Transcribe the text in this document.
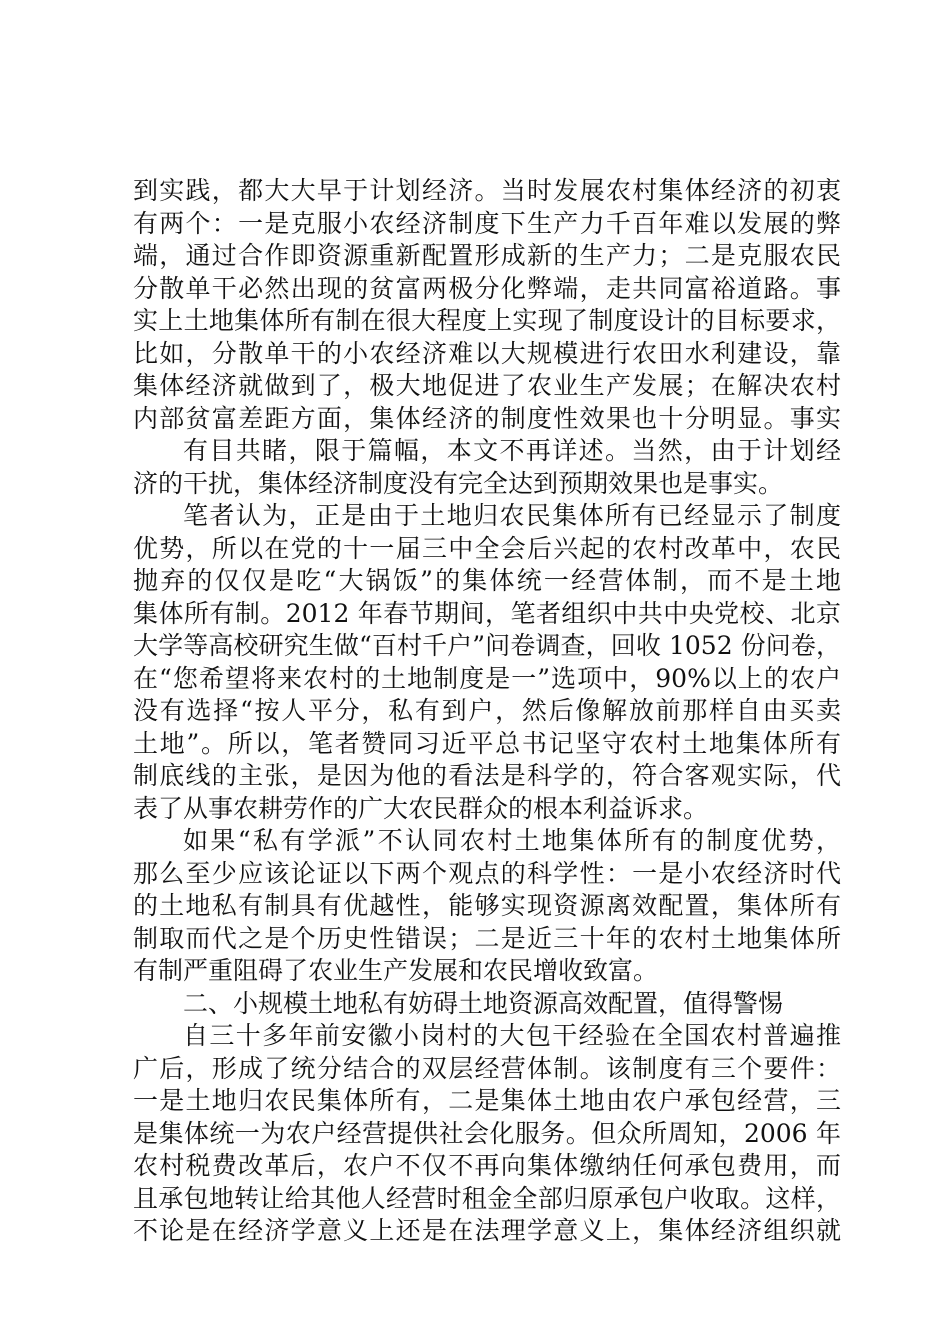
到实践，都大大早于计划经济。当时发展农村集体经济的初衷
有两个：一是克服小农经济制度下生产力千百年难以发展的弊
端，通过合作即资源重新配置形成新的生产力；二是克服农民
分散单干必然出现的贫富两极分化弊端，走共同富裕道路。事
实上土地集体所有制在很大程度上实现了制度设计的目标要求，
比如，分散单干的小农经济难以大规模进行农田水利建设，靠
集体经济就做到了，极大地促进了农业生产发展；在解决农村
内部贫富差距方面，集体经济的制度性效果也十分明显。事实
有目共睹，限于篇幅，本文不再详述。当然，由于计划经
济的干扰，集体经济制度没有完全达到预期效果也是事实。
笔者认为，正是由于土地归农民集体所有已经显示了制度
优势，所以在党的十一届三中全会后兴起的农村改革中，农民
抛弃的仅仅是吃“大锅饭”的集体统一经营体制，而不是土地
集体所有制。2012 年春节期间，笔者组织中共中央党校、北京
大学等高校研究生做“百村千户”问卷调查，回收 1052 份问卷，
在“您希望将来农村的土地制度是一”选项中，90%以上的农户
没有选择“按人平分，私有到户，然后像解放前那样自由买卖
土地”。所以，笔者赞同习近平总书记坚守农村土地集体所有
制底线的主张，是因为他的看法是科学的，符合客观实际，代
表了从事农耕劳作的广大农民群众的根本利益诉求。
如果“私有学派”不认同农村土地集体所有的制度优势，
那么至少应该论证以下两个观点的科学性：一是小农经济时代
的土地私有制具有优越性，能够实现资源离效配置，集体所有
制取而代之是个历史性错误；二是近三十年的农村土地集体所
有制严重阻碍了农业生产发展和农民增收致富。
二、小规模土地私有妨碍土地资源高效配置，值得警惕
自三十多年前安徽小岗村的大包干经验在全国农村普遍推
广后，形成了统分结合的双层经营体制。该制度有三个要件：
一是土地归农民集体所有，二是集体土地由农户承包经营，三
是集体统一为农户经营提供社会化服务。但众所周知，2006 年
农村税费改革后，农户不仅不再向集体缴纳任何承包费用，而
且承包地转让给其他人经营时租金全部归原承包户收取。这样，
不论是在经济学意义上还是在法理学意义上，集体经济组织就
